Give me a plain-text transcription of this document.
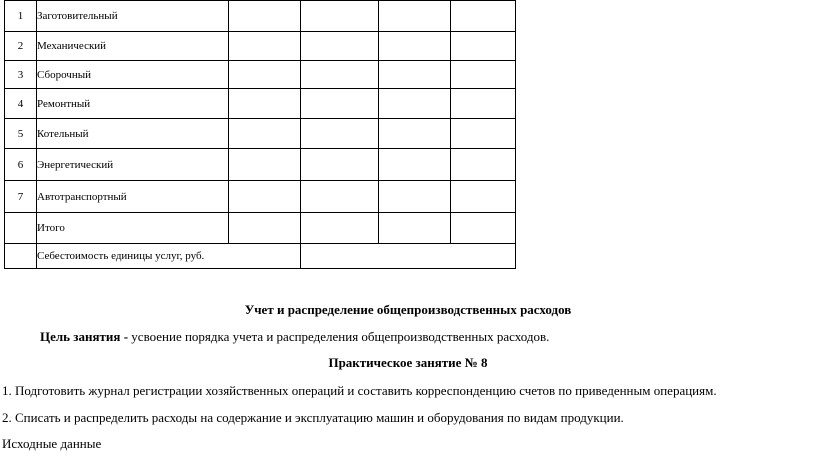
1	Заготовительный				
2	Механический				
3	Сборочный				
4	Ремонтный				
5	Котельный				
6	Энергетический				
7	Автотранспортный				
	Итого				
	Себестоимость единицы услуг, руб.				
Учет и распределение общепроизводственных расходов
Цель занятия - усвоение порядка учета и распределения общепроизводственных расходов.
Практическое занятие № 8
1. Подготовить журнал регистрации хозяйственных операций и составить корреспонденцию счетов по приведенным операциям.
2. Списать и распределить расходы на содержание и эксплуатацию машин и оборудования по видам продукции.
Исходные данные
